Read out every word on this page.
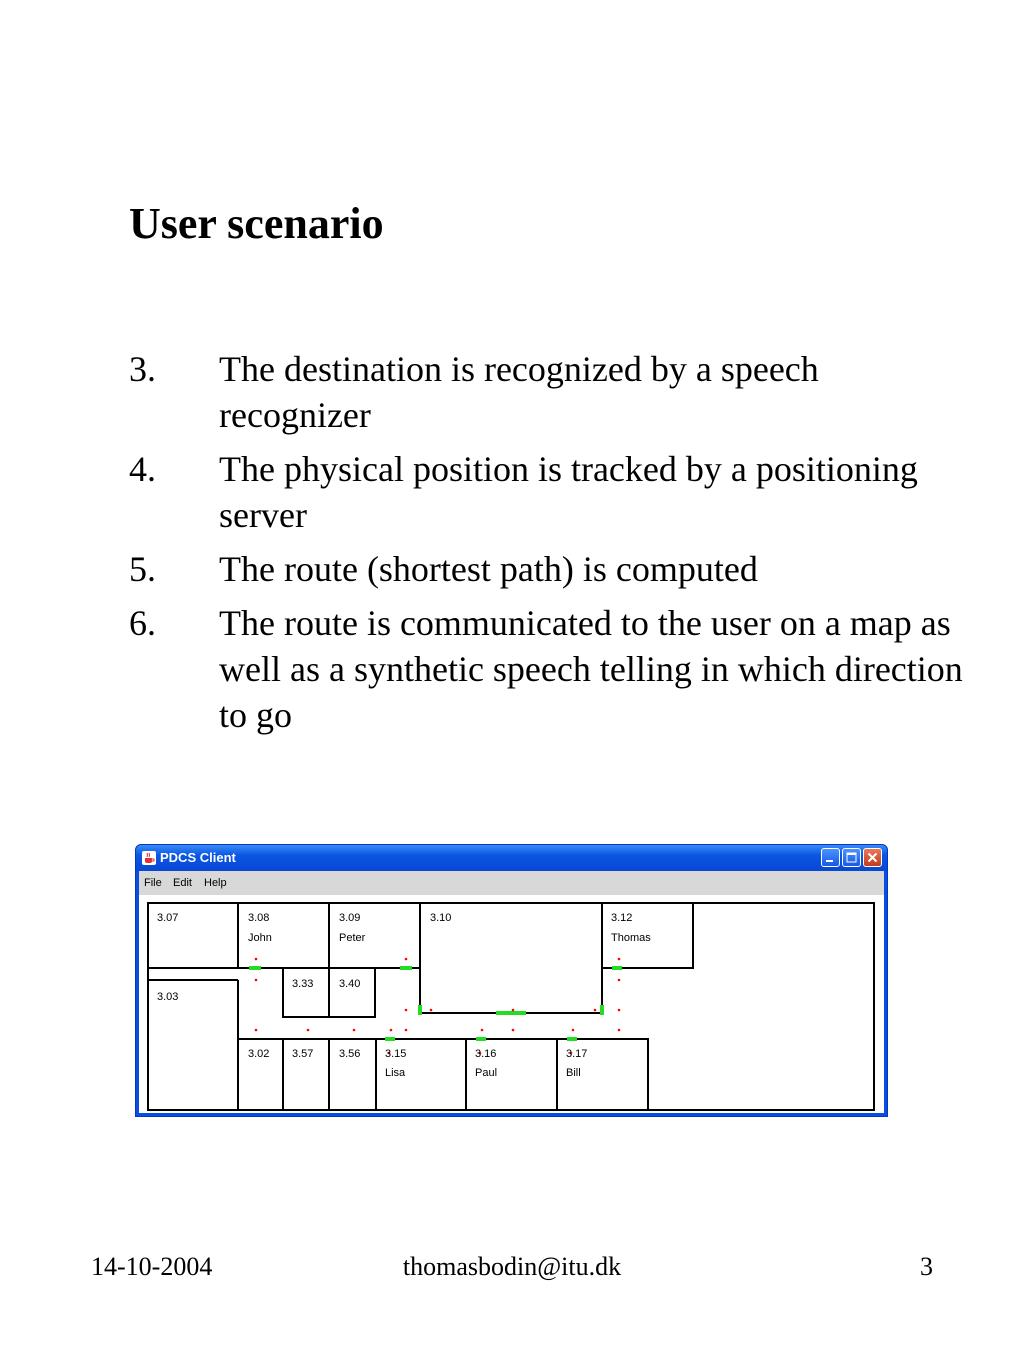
User scenario
3. The destination is recognized by a speech recognizer
4. The physical position is tracked by a positioning server
5. The route (shortest path) is computed
6. The route is communicated to the user on a map as well as a synthetic speech telling in which direction to go
PDCS Client
File Edit Help
3.07	3.08
John
3.09
Peter
3.10	3.12
Thomas
3.03
3.33 3.40
3.02 3.57 3.56 3.15
Lisa
3.16
Paul
3.17
Bill
14-10-2004	thomasbodin@itu.dk	3
